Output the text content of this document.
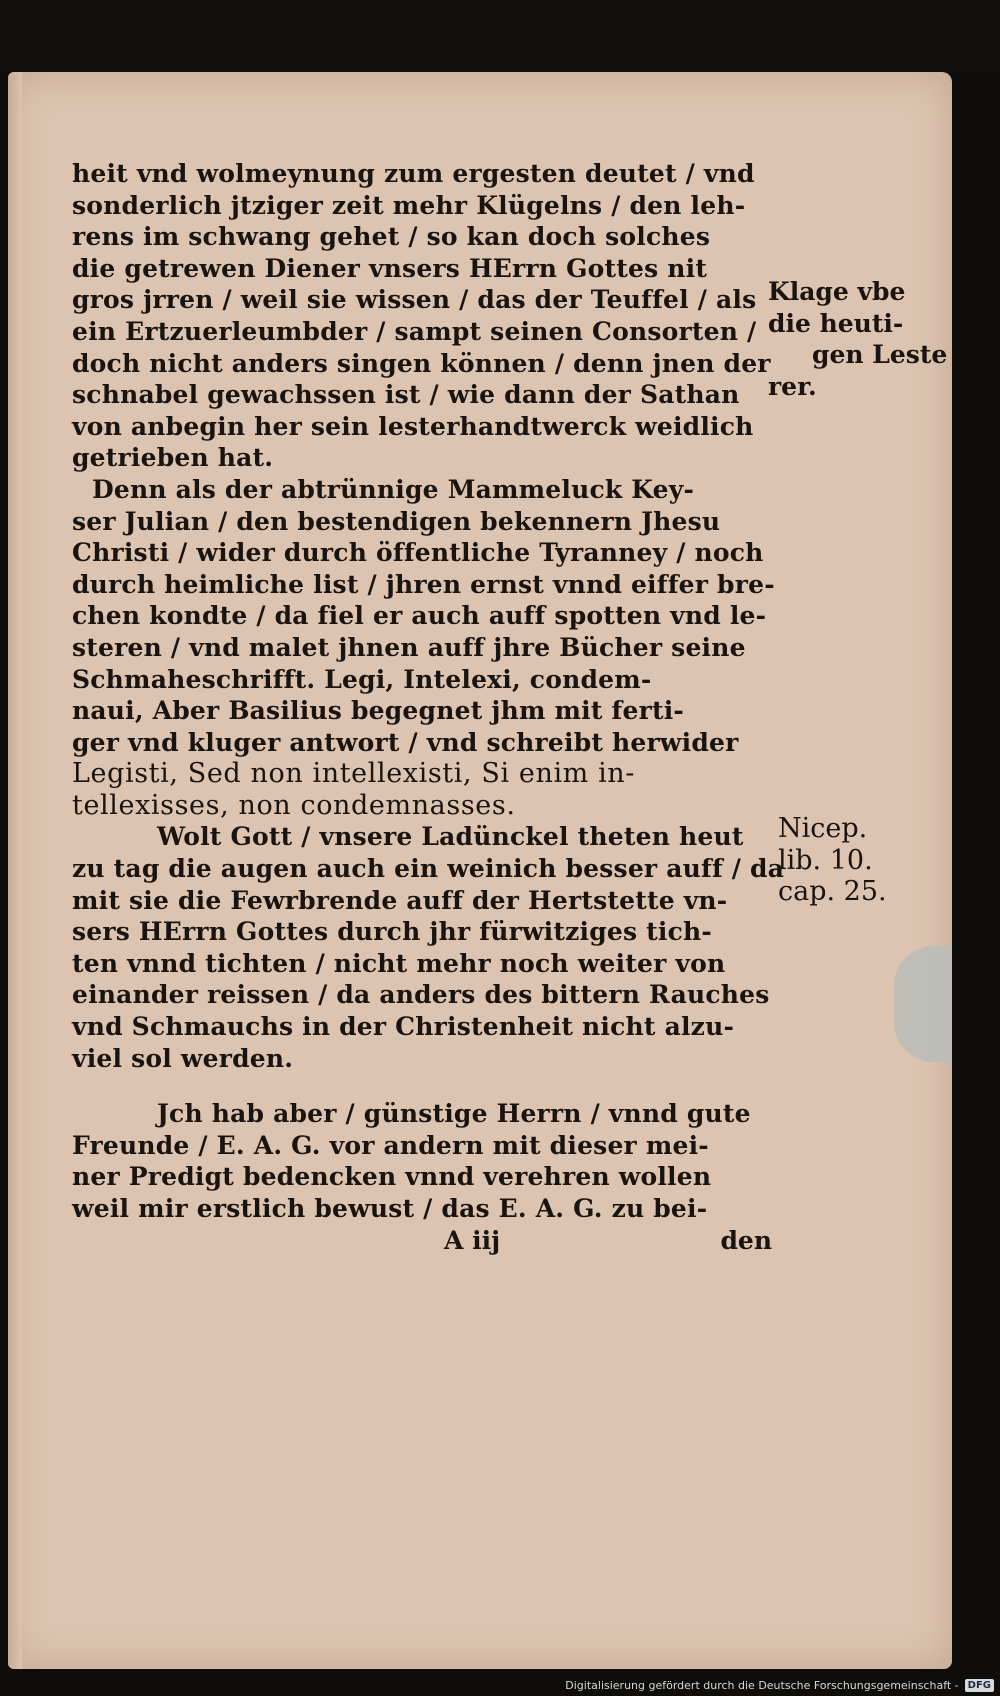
heit vnd wolmeynung zum ergesten deutet / vnd
sonderlich jtziger zeit mehr Klügelns / den leh-
rens im schwang gehet / so kan doch solches
die getrewen Diener vnsers HErrn Gottes nit
gros jrren / weil sie wissen / das der Teuffel / als
ein Ertzuerleumbder / sampt seinen Consorten /
doch nicht anders singen können / denn jnen der
schnabel gewachssen ist / wie dann der Sathan
von anbegin her sein lesterhandtwerck weidlich
getrieben hat.
Denn als der abtrünnige Mammeluck Key-
ser Julian / den bestendigen bekennern Jhesu
Christi / wider durch öffentliche Tyranney / noch
durch heimliche list / jhren ernst vnnd eiffer bre-
chen kondte / da fiel er auch auff spotten vnd le-
steren / vnd malet jhnen auff jhre Bücher seine
Schmaheschrifft. Legi, Intelexi, condem-
naui, Aber Basilius begegnet jhm mit ferti-
ger vnd kluger antwort / vnd schreibt herwider
Legisti, Sed non intellexisti, Si enim in-
tellexisses, non condemnasses.
Wolt Gott / vnsere Ladünckel theten heut
zu tag die augen auch ein weinich besser auff / da
mit sie die Fewrbrende auff der Hertstette vn-
sers HErrn Gottes durch jhr fürwitziges tich-
ten vnnd tichten / nicht mehr noch weiter von
einander reissen / da anders des bittern Rauches
vnd Schmauchs in der Christenheit nicht alzu-
viel sol werden.
Jch hab aber / günstige Herrn / vnnd gute
Freunde / E. A. G. vor andern mit dieser mei-
ner Predigt bedencken vnnd verehren wollen
weil mir erstlich bewust / das E. A. G. zu bei-
A iij	den
Klage vbe
die heuti-
gen Leste
rer.
Nicep.
lib. 10.
cap. 25.
Digitalisierung gefördert durch die Deutsche Forschungsgemeinschaft - DFG
